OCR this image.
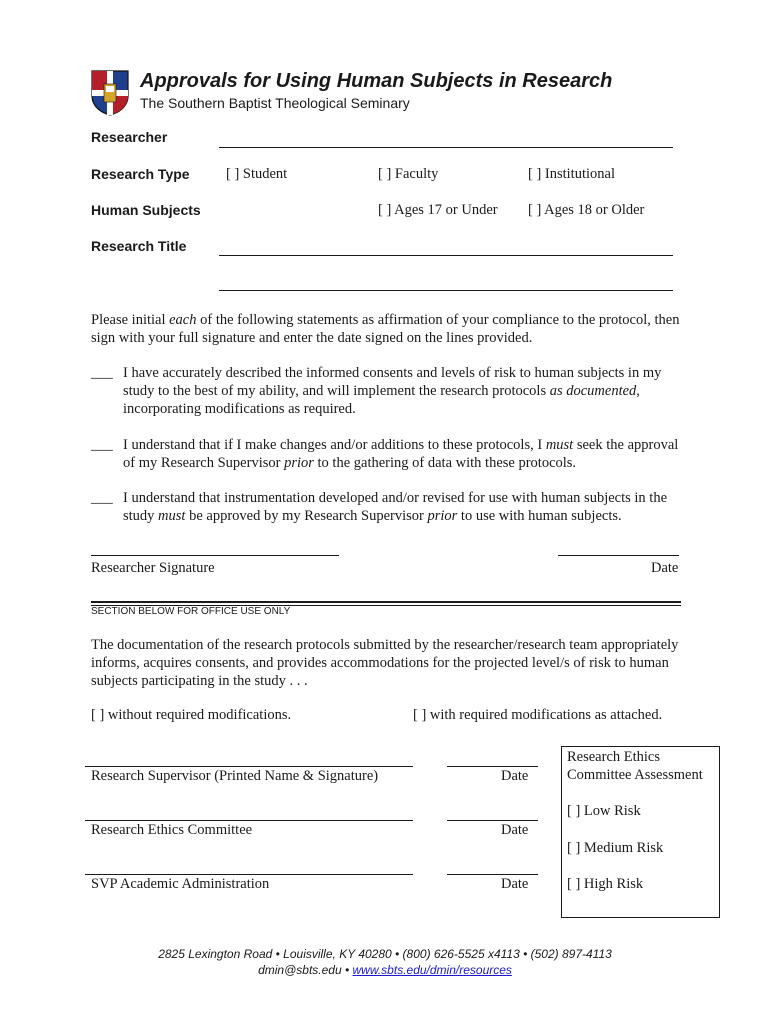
Approvals for Using Human Subjects in Research
The Southern Baptist Theological Seminary
Researcher
Research Type	[ ] Student	[ ] Faculty	[ ] Institutional
Human Subjects	[ ] Ages 17 or Under [ ] Ages 18 or Older
Research Title
Please initial each of the following statements as affirmation of your compliance to the protocol, then sign with your full signature and enter the date signed on the lines provided.
___ I have accurately described the informed consents and levels of risk to human subjects in my study to the best of my ability, and will implement the research protocols as documented, incorporating modifications as required.
___ I understand that if I make changes and/or additions to these protocols, I must seek the approval of my Research Supervisor prior to the gathering of data with these protocols.
___ I understand that instrumentation developed and/or revised for use with human subjects in the study must be approved by my Research Supervisor prior to use with human subjects.
Researcher Signature	Date
SECTION BELOW FOR OFFICE USE ONLY
The documentation of the research protocols submitted by the researcher/research team appropriately informs, acquires consents, and provides accommodations for the projected level/s of risk to human subjects participating in the study . . .
[ ] without required modifications.	[ ] with required modifications as attached.
Research Supervisor (Printed Name & Signature)	Date
Research Ethics Committee	Date
SVP Academic Administration	Date
Research Ethics
Committee Assessment
[ ] Low Risk
[ ] Medium Risk
[ ] High Risk
2825 Lexington Road • Louisville, KY 40280 • (800) 626-5525 x4113 • (502) 897-4113
dmin@sbts.edu • www.sbts.edu/dmin/resources
